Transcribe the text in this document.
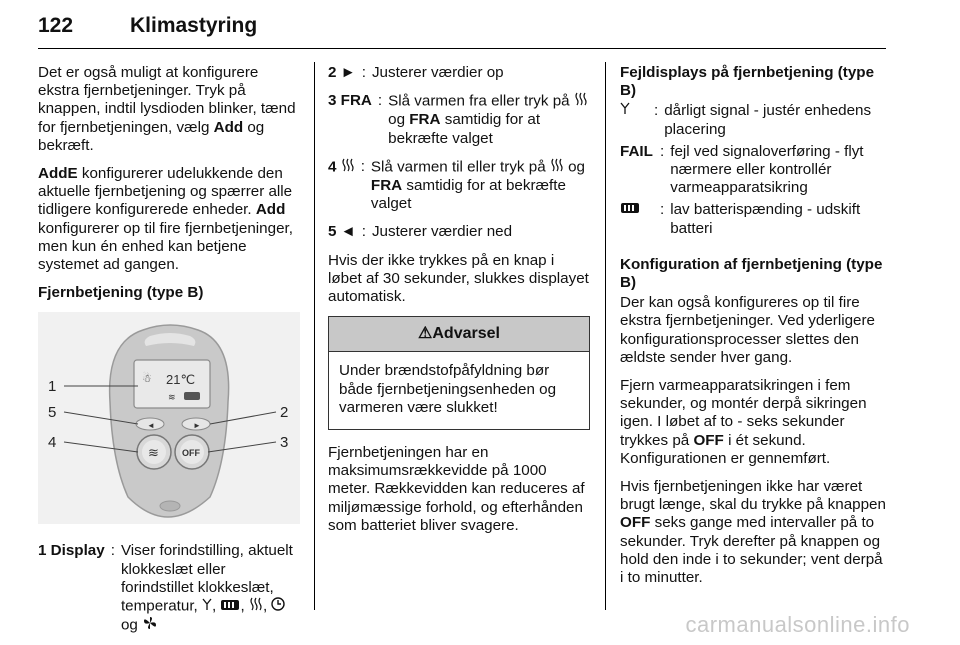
122	Klimastyring

Det er også muligt at konfigurere ekstra fjernbetjeninger. Tryk på knappen, indtil lysdioden blinker, tænd for fjernbetjeningen, vælg Add og bekræft.

AddE konfigurerer udelukkende den aktuelle fjernbetjening og spærrer alle tidligere konfigurerede enheder. Add konfigurerer op til fire fjernbetjeninger, men kun én enhed kan betjene systemet ad gangen.

Fjernbetjening (type B)

21℃
☃
≋
◄	►
≋	OFF
1
5
4
2
3
1 Display : Viser forindstilling, aktuelt klokkeslæt eller forindstillet klokkeslæt, temperatur, , , ,  og
2 ► : Justerer værdier op
3 FRA : Slå varmen fra eller tryk på  og FRA samtidig for at bekræfte valget
4	: Slå varmen til eller tryk på og FRA samtidig for at bekræfte valget
5 ◄ : Justerer værdier ned

Hvis der ikke trykkes på en knap i løbet af 30 sekunder, slukkes displayet automatisk.

⚠Advarsel
Under brændstofpåfyldning bør både fjernbetjeningsenheden og varmeren være slukket!

Fjernbetjeningen har en maksimumsrækkevidde på 1000 meter. Rækkevidden kan reduceres af miljømæssige forhold, og efterhånden som batteriet bliver svagere.

Fejldisplays på fjernbetjening (type B)

: dårligt signal - justér enhedens placering
FAIL : fejl ved signaloverføring - flyt nærmere eller kontrollér varmeapparatsikring
: lav batterispænding - udskift batteri

Konfiguration af fjernbetjening (type B)

Der kan også konfigureres op til fire ekstra fjernbetjeninger. Ved yderligere konfigurationsprocesser slettes den ældste sender hver gang.

Fjern varmeapparatsikringen i fem sekunder, og montér derpå sikringen igen. I løbet af to - seks sekunder trykkes på OFF i ét sekund. Konfigurationen er gennemført.

Hvis fjernbetjeningen ikke har været brugt længe, skal du trykke på knappen OFF seks gange med intervaller på to sekunder. Tryk derefter på knappen og hold den inde i to sekunder; vent derpå i to minutter.

carmanualsonline.info
